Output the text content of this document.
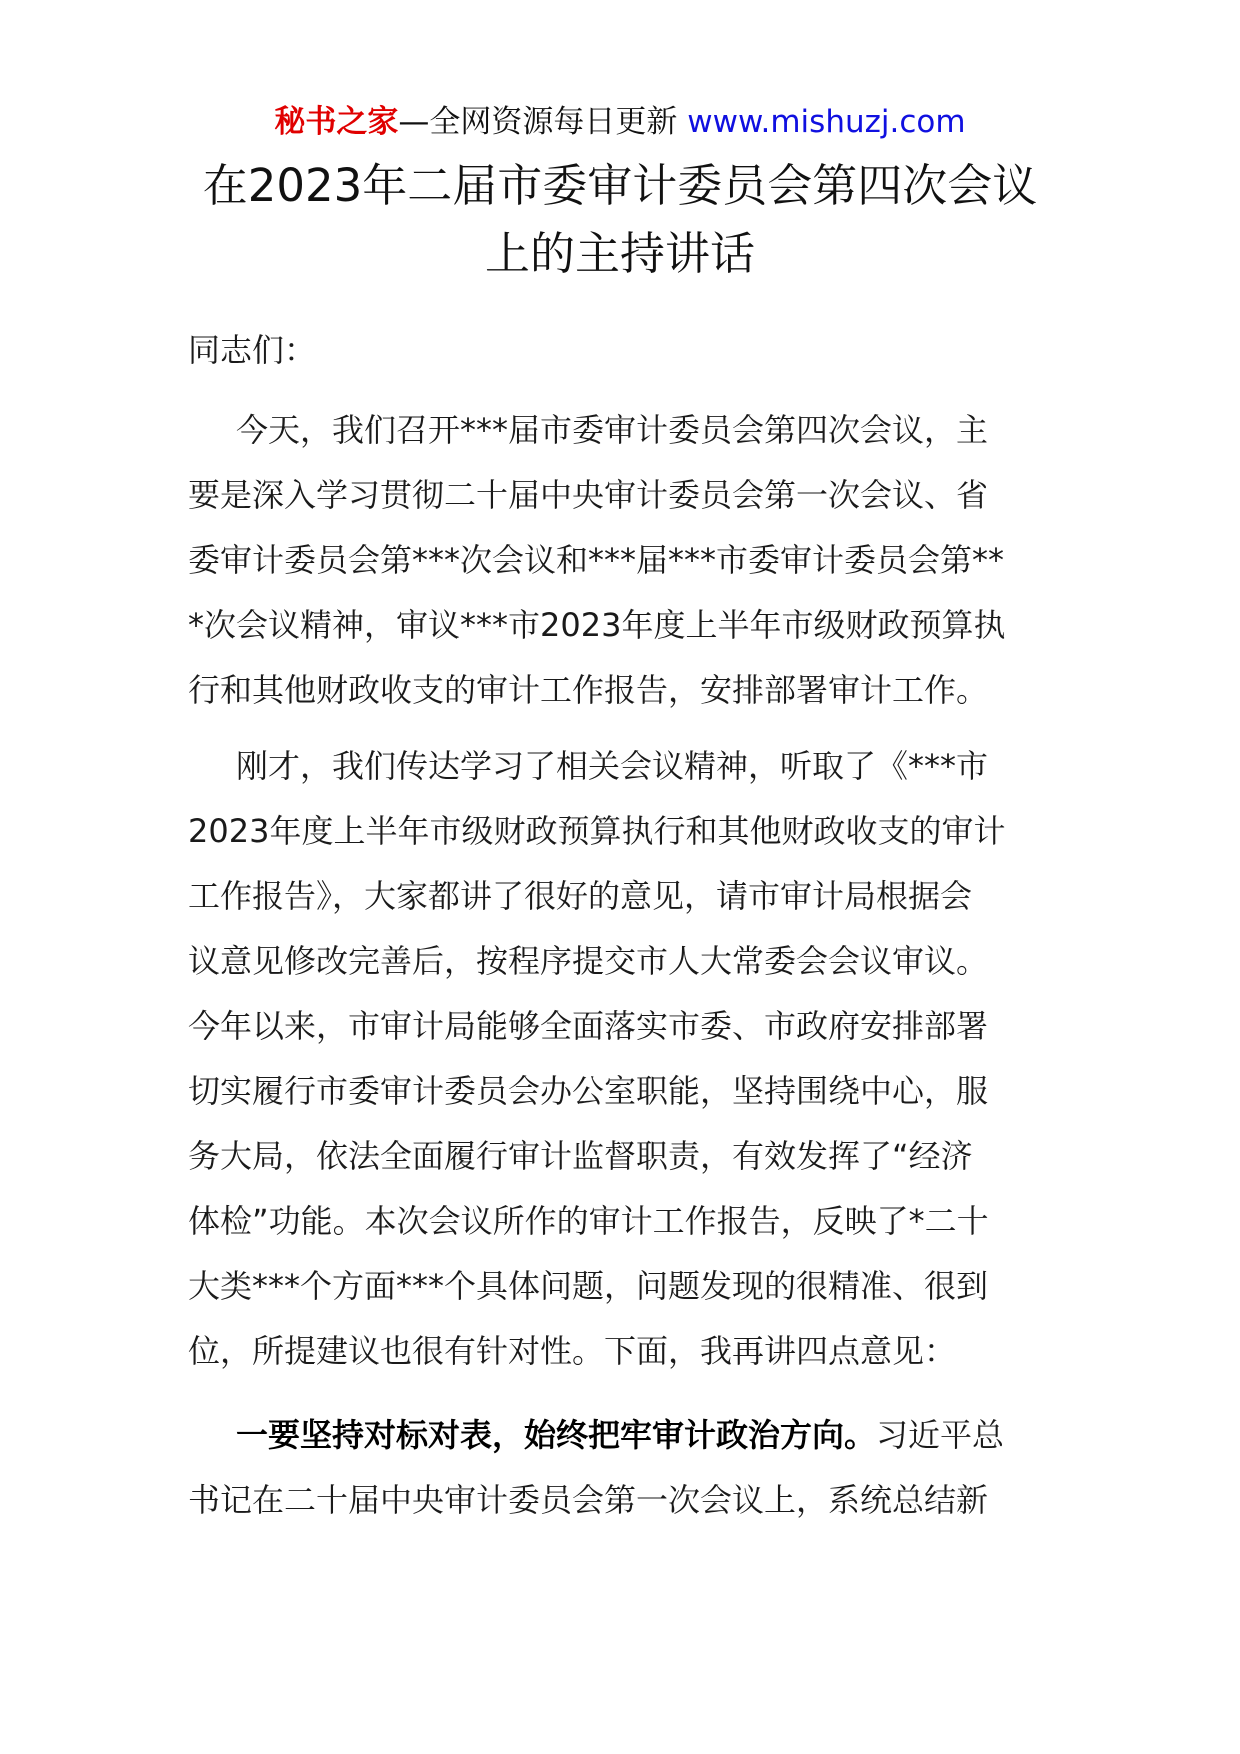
秘书之家—全网资源每日更新 www.mishuzj.com
在2023年二届市委审计委员会第四次会议
上的主持讲话
同志们：
今天，我们召开***届市委审计委员会第四次会议，主
要是深入学习贯彻二十届中央审计委员会第一次会议、省
委审计委员会第***次会议和***届***市委审计委员会第**
*次会议精神，审议***市2023年度上半年市级财政预算执
行和其他财政收支的审计工作报告，安排部署审计工作。
刚才，我们传达学习了相关会议精神，听取了《***市
2023年度上半年市级财政预算执行和其他财政收支的审计
工作报告》，大家都讲了很好的意见，请市审计局根据会
议意见修改完善后，按程序提交市人大常委会会议审议。
今年以来，市审计局能够全面落实市委、市政府安排部署
切实履行市委审计委员会办公室职能，坚持围绕中心，服
务大局，依法全面履行审计监督职责，有效发挥了“经济
体检”功能。本次会议所作的审计工作报告，反映了*二十
大类***个方面***个具体问题，问题发现的很精准、很到
位，所提建议也很有针对性。下面，我再讲四点意见：
一要坚持对标对表，始终把牢审计政治方向。习近平总
书记在二十届中央审计委员会第一次会议上，系统总结新
